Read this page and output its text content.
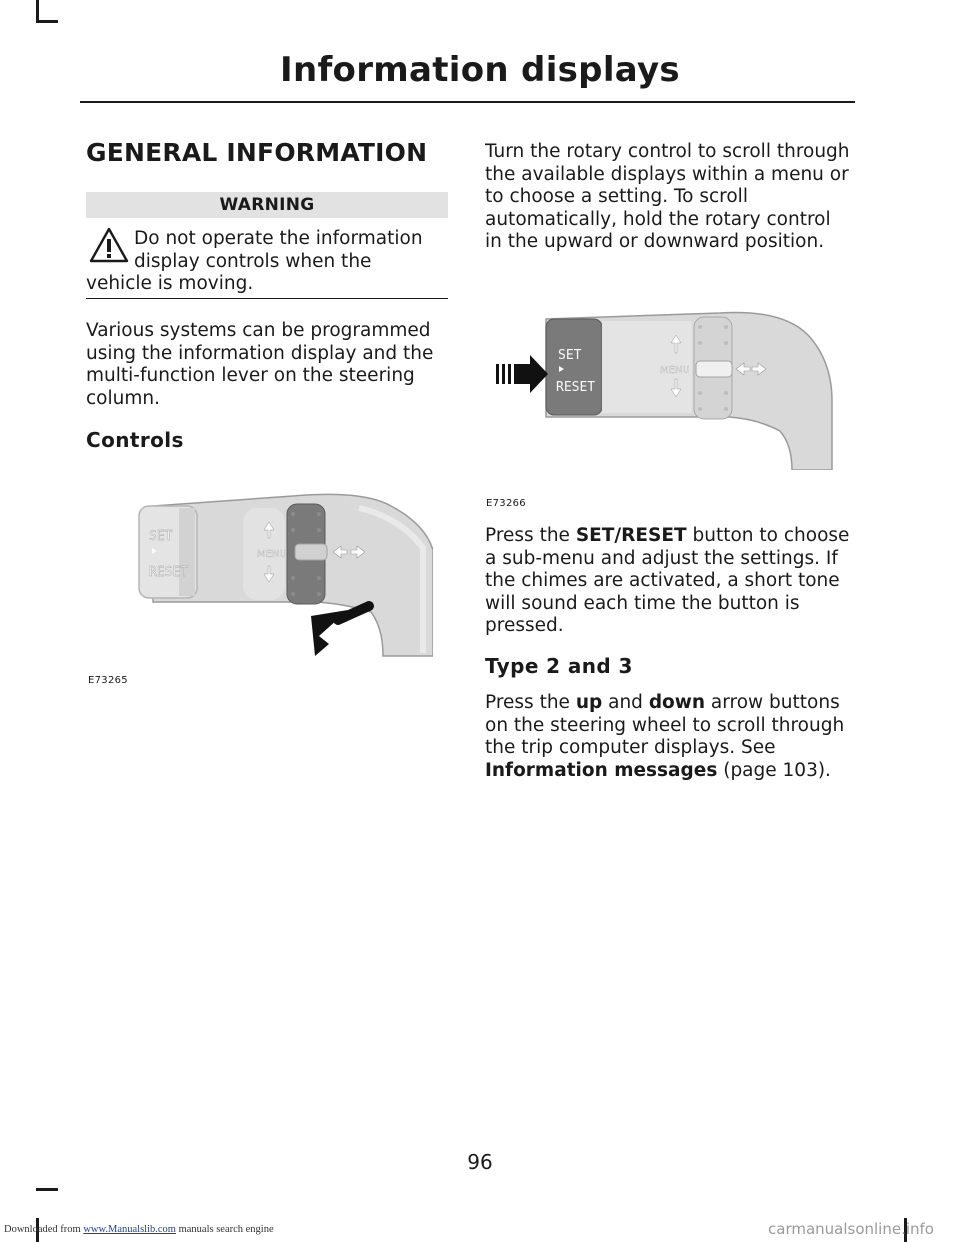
Information displays
GENERAL INFORMATION
WARNING
Do not operate the information
display controls when the
vehicle is moving.

Various systems can be programmed using the information display and the multi-function lever on the steering column.

Controls
SET
RESET
MENU
E73265

Turn the rotary control to scroll through the available displays within a menu or to choose a setting. To scroll automatically, hold the rotary control in the upward or downward position.

SET
RESET
MENU
E73266

Press the SET/RESET button to choose a sub-menu and adjust the settings. If the chimes are activated, a short tone will sound each time the button is pressed.

Type 2 and 3

Press the up and down arrow buttons on the steering wheel to scroll through the trip computer displays. See Information messages (page 103).

96
Downloaded from www.Manualslib.com manuals search engine	carmanualsonline.info
